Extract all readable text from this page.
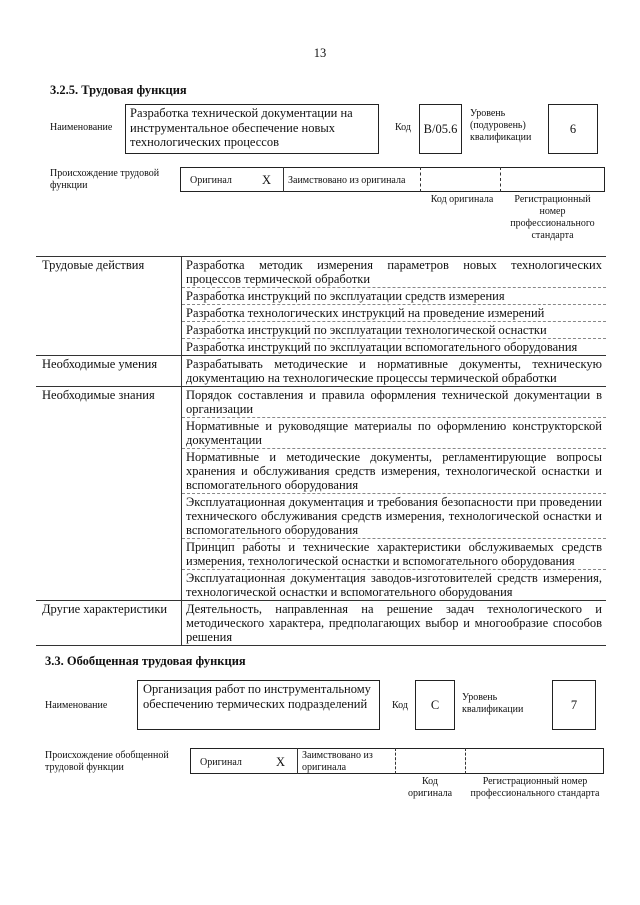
13
3.2.5. Трудовая функция
Наименование
Разработка технической документации на инструментальное обеспечение новых технологических процессов
Код	В/05.6
Уровень (подуровень) квалификации
6
Происхождение трудовой функции	Оригинал X Заимствовано из оригинала
Код оригинала	Регистрационный номер профессионального стандарта
Трудовые действия	Разработка методик измерения параметров новых технологических процессов термической обработки
	Разработка инструкций по эксплуатации средств измерения
	Разработка технологических инструкций на проведение измерений
	Разработка инструкций по эксплуатации технологической оснастки
	Разработка инструкций по эксплуатации вспомогательного оборудования
Необходимые умения	Разрабатывать методические и нормативные документы, техническую документацию на технологические процессы термической обработки
Необходимые знания	Порядок составления и правила оформления технической документации в организации
	Нормативные и руководящие материалы по оформлению конструкторской документации
	Нормативные и методические документы, регламентирующие вопросы хранения и обслуживания средств измерения, технологической оснастки и вспомогательного оборудования
	Эксплуатационная документация и требования безопасности при проведении технического обслуживания средств измерения, технологической оснастки и вспомогательного оборудования
	Принцип работы и технические характеристики обслуживаемых средств измерения, технологической оснастки и вспомогательного оборудования
	Эксплуатационная документация заводов-изготовителей средств измерения, технологической оснастки и вспомогательного оборудования
Другие характеристики	Деятельность, направленная на решение задач технологического и методического характера, предполагающих выбор и многообразие способов решения
3.3. Обобщенная трудовая функция
Наименование
Организация работ по инструментальному обеспечению термических подразделений	Код	С
Уровень квалификации	7
Происхождение обобщенной трудовой функции	Оригинал	X Заимствовано из оригинала
Код оригинала
Регистрационный номер профессионального стандарта
